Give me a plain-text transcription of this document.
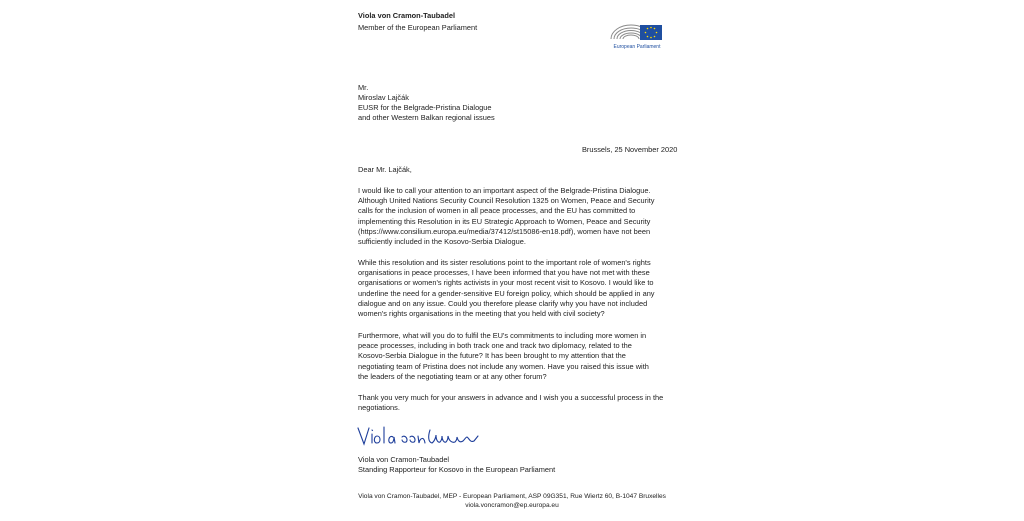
Viola von Cramon-Taubadel
Member of the European Parliament
European Parliament
Mr.
Miroslav Lajčák
EUSR for the Belgrade-Pristina Dialogue
and other Western Balkan regional issues
Brussels, 25 November 2020
Dear Mr. Lajčák,
I would like to call your attention to an important aspect of the Belgrade-Pristina Dialogue.
Although United Nations Security Council Resolution 1325 on Women, Peace and Security
calls for the inclusion of women in all peace processes, and the EU has committed to
implementing this Resolution in its EU Strategic Approach to Women, Peace and Security
(https://www.consilium.europa.eu/media/37412/st15086-en18.pdf), women have not been
sufficiently included in the Kosovo-Serbia Dialogue.
While this resolution and its sister resolutions point to the important role of women's rights
organisations in peace processes, I have been informed that you have not met with these
organisations or women's rights activists in your most recent visit to Kosovo. I would like to
underline the need for a gender-sensitive EU foreign policy, which should be applied in any
dialogue and on any issue. Could you therefore please clarify why you have not included
women's rights organisations in the meeting that you held with civil society?
Furthermore, what will you do to fulfil the EU's commitments to including more women in
peace processes, including in both track one and track two diplomacy, related to the
Kosovo-Serbia Dialogue in the future? It has been brought to my attention that the
negotiating team of Pristina does not include any women. Have you raised this issue with
the leaders of the negotiating team or at any other forum?
Thank you very much for your answers in advance and I wish you a successful process in the
negotiations.
Viola von Cramon-Taubadel
Standing Rapporteur for Kosovo in the European Parliament
Viola von Cramon-Taubadel, MEP - European Parliament, ASP 09G351, Rue Wiertz 60, B-1047 Bruxelles
viola.voncramon@ep.europa.eu
